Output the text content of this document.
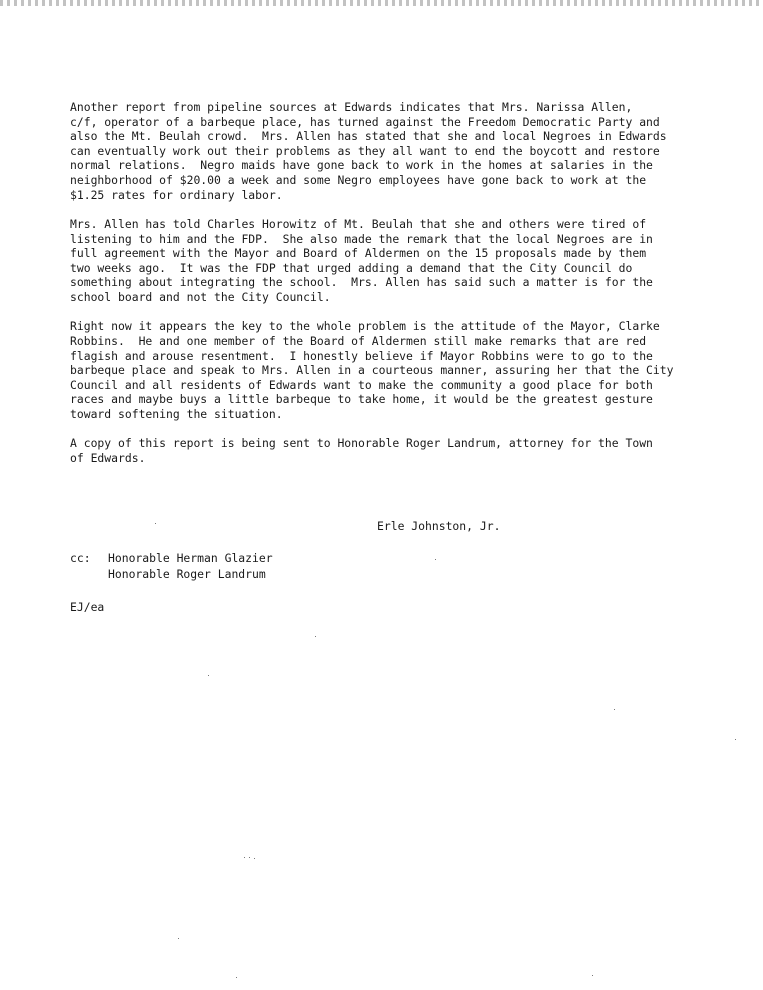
Another report from pipeline sources at Edwards indicates that Mrs. Narissa Allen,
c/f, operator of a barbeque place, has turned against the Freedom Democratic Party and
also the Mt. Beulah crowd.  Mrs. Allen has stated that she and local Negroes in Edwards
can eventually work out their problems as they all want to end the boycott and restore
normal relations.  Negro maids have gone back to work in the homes at salaries in the
neighborhood of $20.00 a week and some Negro employees have gone back to work at the
$1.25 rates for ordinary labor.

Mrs. Allen has told Charles Horowitz of Mt. Beulah that she and others were tired of
listening to him and the FDP.  She also made the remark that the local Negroes are in
full agreement with the Mayor and Board of Aldermen on the 15 proposals made by them
two weeks ago.  It was the FDP that urged adding a demand that the City Council do
something about integrating the school.  Mrs. Allen has said such a matter is for the
school board and not the City Council.

Right now it appears the key to the whole problem is the attitude of the Mayor, Clarke
Robbins.  He and one member of the Board of Aldermen still make remarks that are red
flagish and arouse resentment.  I honestly believe if Mayor Robbins were to go to the
barbeque place and speak to Mrs. Allen in a courteous manner, assuring her that the City
Council and all residents of Edwards want to make the community a good place for both
races and maybe buys a little barbeque to take home, it would be the greatest gesture
toward softening the situation.

A copy of this report is being sent to Honorable Roger Landrum, attorney for the Town
of Edwards.

Erle Johnston, Jr.
cc:	Honorable Herman Glazier
Honorable Roger Landrum
EJ/ea
